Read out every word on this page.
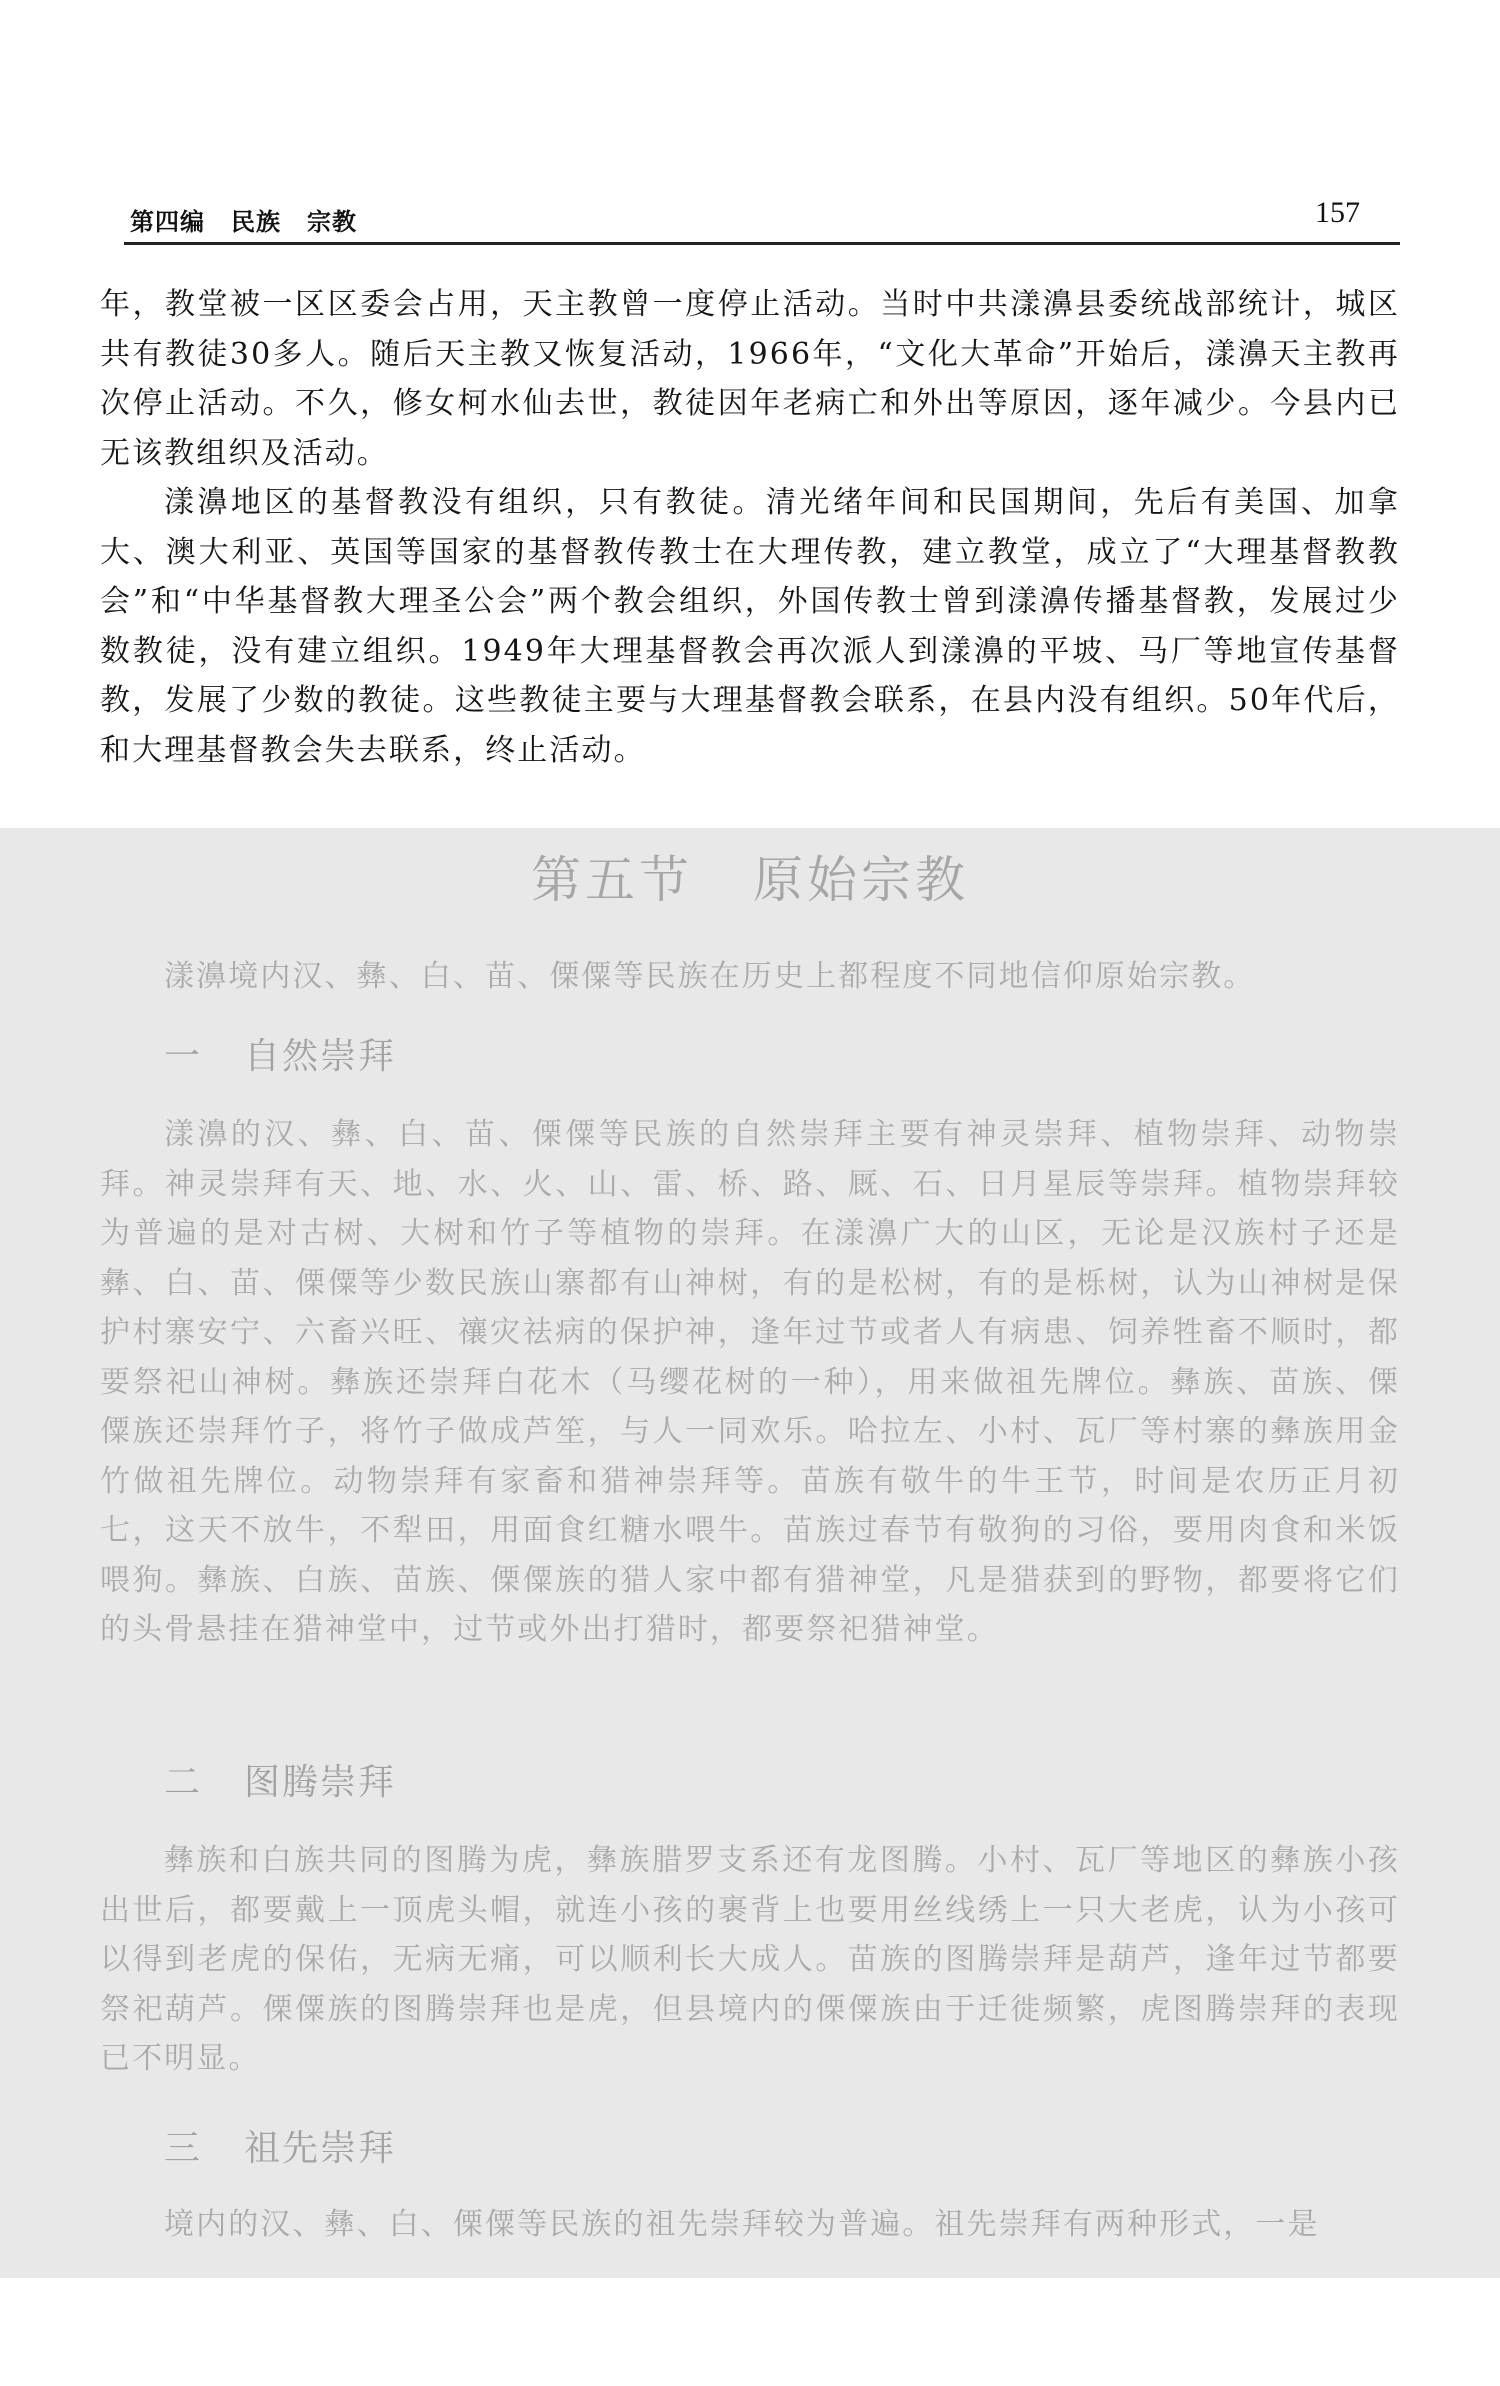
第四编 民族 宗教	157

年，教堂被一区区委会占用，天主教曾一度停止活动。当时中共漾濞县委统战部统计，城区共有教徒30多人。随后天主教又恢复活动，1966年，“文化大革命”开始后，漾濞天主教再次停止活动。不久，修女柯水仙去世，教徒因年老病亡和外出等原因，逐年减少。今县内已无该教组织及活动。

漾濞地区的基督教没有组织，只有教徒。清光绪年间和民国期间，先后有美国、加拿大、澳大利亚、英国等国家的基督教传教士在大理传教，建立教堂，成立了“大理基督教教会”和“中华基督教大理圣公会”两个教会组织，外国传教士曾到漾濞传播基督教，发展过少数教徒，没有建立组织。1949年大理基督教会再次派人到漾濞的平坡、马厂等地宣传基督教，发展了少数的教徒。这些教徒主要与大理基督教会联系，在县内没有组织。50年代后，和大理基督教会失去联系，终止活动。

第五节 原始宗教

漾濞境内汉、彝、白、苗、傈僳等民族在历史上都程度不同地信仰原始宗教。

一 自然崇拜

漾濞的汉、彝、白、苗、傈僳等民族的自然崇拜主要有神灵崇拜、植物崇拜、动物崇拜。神灵崇拜有天、地、水、火、山、雷、桥、路、厩、石、日月星辰等崇拜。植物崇拜较为普遍的是对古树、大树和竹子等植物的崇拜。在漾濞广大的山区，无论是汉族村子还是彝、白、苗、傈僳等少数民族山寨都有山神树，有的是松树，有的是栎树，认为山神树是保护村寨安宁、六畜兴旺、禳灾祛病的保护神，逢年过节或者人有病患、饲养牲畜不顺时，都要祭祀山神树。彝族还崇拜白花木（马缨花树的一种），用来做祖先牌位。彝族、苗族、傈僳族还崇拜竹子，将竹子做成芦笙，与人一同欢乐。哈拉左、小村、瓦厂等村寨的彝族用金竹做祖先牌位。动物崇拜有家畜和猎神崇拜等。苗族有敬牛的牛王节，时间是农历正月初七，这天不放牛，不犁田，用面食红糖水喂牛。苗族过春节有敬狗的习俗，要用肉食和米饭喂狗。彝族、白族、苗族、傈僳族的猎人家中都有猎神堂，凡是猎获到的野物，都要将它们的头骨悬挂在猎神堂中，过节或外出打猎时，都要祭祀猎神堂。

二 图腾崇拜

彝族和白族共同的图腾为虎，彝族腊罗支系还有龙图腾。小村、瓦厂等地区的彝族小孩出世后，都要戴上一顶虎头帽，就连小孩的裹背上也要用丝线绣上一只大老虎，认为小孩可以得到老虎的保佑，无病无痛，可以顺利长大成人。苗族的图腾崇拜是葫芦，逢年过节都要祭祀葫芦。傈僳族的图腾崇拜也是虎，但县境内的傈僳族由于迁徙频繁，虎图腾崇拜的表现已不明显。

三 祖先崇拜

境内的汉、彝、白、傈僳等民族的祖先崇拜较为普遍。祖先崇拜有两种形式，一是
